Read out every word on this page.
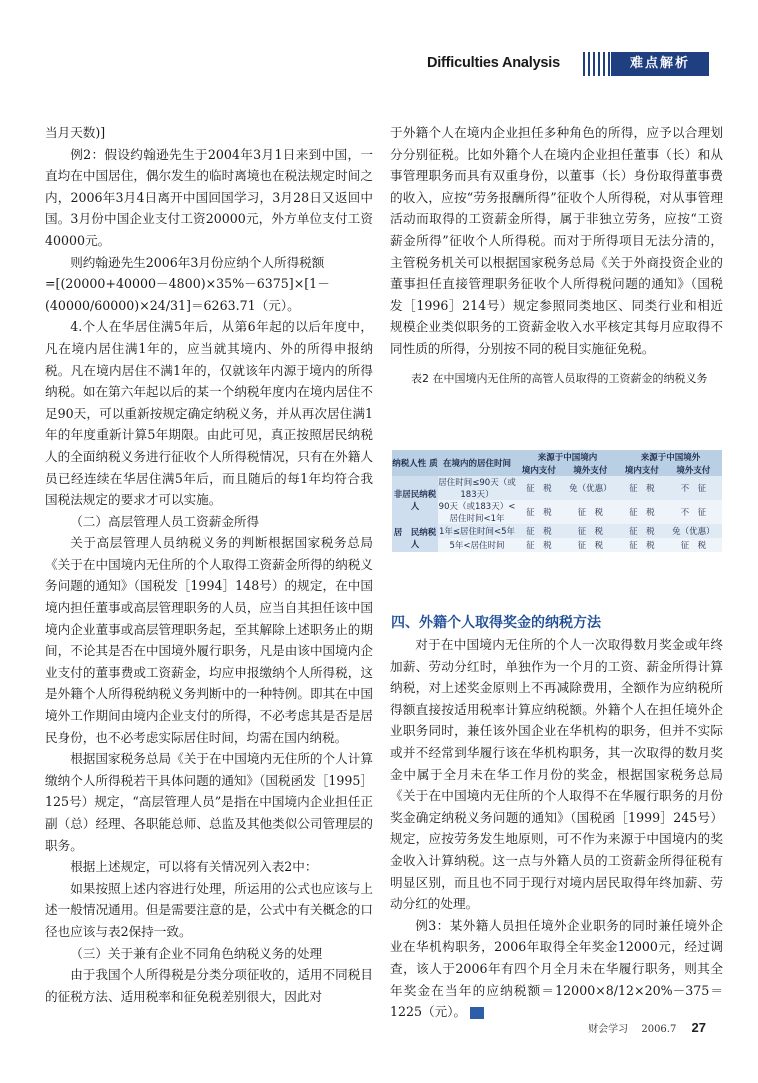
Difficulties Analysis	难点解析

当月天数)]

例2：假设约翰逊先生于2004年3月1日来到中国，一直均在中国居住，偶尔发生的临时离境也在税法规定时间之内，2006年3月4日离开中国回国学习，3月28日又返回中国。3月份中国企业支付工资20000元，外方单位支付工资40000元。

则约翰逊先生2006年3月份应纳个人所得税额

=[(20000+40000－4800)×35%－6375]×[1－(40000/60000)×24/31]＝6263.71（元）。

4.个人在华居住满5年后，从第6年起的以后年度中，凡在境内居住满1年的，应当就其境内、外的所得申报纳税。凡在境内居住不满1年的，仅就该年内源于境内的所得纳税。如在第六年起以后的某一个纳税年度内在境内居住不足90天，可以重新按规定确定纳税义务，并从再次居住满1年的年度重新计算5年期限。由此可见，真正按照居民纳税人的全面纳税义务进行征收个人所得税情况，只有在外籍人员已经连续在华居住满5年后，而且随后的每1年均符合我国税法规定的要求才可以实施。

（二）高层管理人员工资薪金所得

关于高层管理人员纳税义务的判断根据国家税务总局《关于在中国境内无住所的个人取得工资薪金所得的纳税义务问题的通知》（国税发［1994］148号）的规定，在中国境内担任董事或高层管理职务的人员，应当自其担任该中国境内企业董事或高层管理职务起，至其解除上述职务止的期间，不论其是否在中国境外履行职务，凡是由该中国境内企业支付的董事费或工资薪金，均应申报缴纳个人所得税，这是外籍个人所得税纳税义务判断中的一种特例。即其在中国境外工作期间由境内企业支付的所得，不必考虑其是否是居民身份，也不必考虑实际居住时间，均需在国内纳税。

根据国家税务总局《关于在中国境内无住所的个人计算缴纳个人所得税若干具体问题的通知》（国税函发［1995］125号）规定，“高层管理人员”是指在中国境内企业担任正副（总）经理、各职能总师、总监及其他类似公司管理层的职务。

根据上述规定，可以将有关情况列入表2中：

如果按照上述内容进行处理，所运用的公式也应该与上述一般情况通用。但是需要注意的是，公式中有关概念的口径也应该与表2保持一致。

（三）关于兼有企业不同角色纳税义务的处理

由于我国个人所得税是分类分项征收的，适用不同税目的征税方法、适用税率和征免税差别很大，因此对

于外籍个人在境内企业担任多种角色的所得，应予以合理划分分别征税。比如外籍个人在境内企业担任董事（长）和从事管理职务而具有双重身份，以董事（长）身份取得董事费的收入，应按“劳务报酬所得”征收个人所得税，对从事管理活动而取得的工资薪金所得，属于非独立劳务，应按“工资薪金所得”征收个人所得税。而对于所得项目无法分清的，主管税务机关可以根据国家税务总局《关于外商投资企业的董事担任直接管理职务征收个人所得税问题的通知》（国税发［1996］214号）规定参照同类地区、同类行业和相近规模企业类似职务的工资薪金收入水平核定其每月应取得不同性质的所得，分别按不同的税目实施征免税。

表2 在中国境内无住所的高管人员取得的工资薪金的纳税义务
纳税人性 质	在境内的居住时间	来源于中国境内		来源于中国境外	
		境内支付	境外支付	境内支付	境外支付
非居民纳税人	居住时间≤90天（或183天）	征　税	免（优惠）	征　税	不　征
	90天（或183天）<居住时间<1年	征　税	征　税	征　税	不　征
居　民纳税人	1年≤居住时间<5年	征　税	征　税	征　税	免（优惠）
	5年<居住时间	征　税	征　税	征　税	征　税
四、外籍个人取得奖金的纳税方法

对于在中国境内无住所的个人一次取得数月奖金或年终加薪、劳动分红时，单独作为一个月的工资、薪金所得计算纳税，对上述奖金原则上不再减除费用，全额作为应纳税所得额直接按适用税率计算应纳税额。外籍个人在担任境外企业职务同时，兼任该外国企业在华机构的职务，但并不实际或并不经常到华履行该在华机构职务，其一次取得的数月奖金中属于全月未在华工作月份的奖金，根据国家税务总局《关于在中国境内无住所的个人取得不在华履行职务的月份奖金确定纳税义务问题的通知》（国税函［1999］245号）规定，应按劳务发生地原则，可不作为来源于中国境内的奖金收入计算纳税。这一点与外籍人员的工资薪金所得征税有明显区别，而且也不同于现行对境内居民取得年终加薪、劳动分红的处理。

例3：某外籍人员担任境外企业职务的同时兼任境外企业在华机构职务，2006年取得全年奖金12000元，经过调查，该人于2006年有四个月全月未在华履行职务，则其全年奖金在当年的应纳税额＝12000×8/12×20%－375＝1225（元）。

财会学习 2006.7 27
